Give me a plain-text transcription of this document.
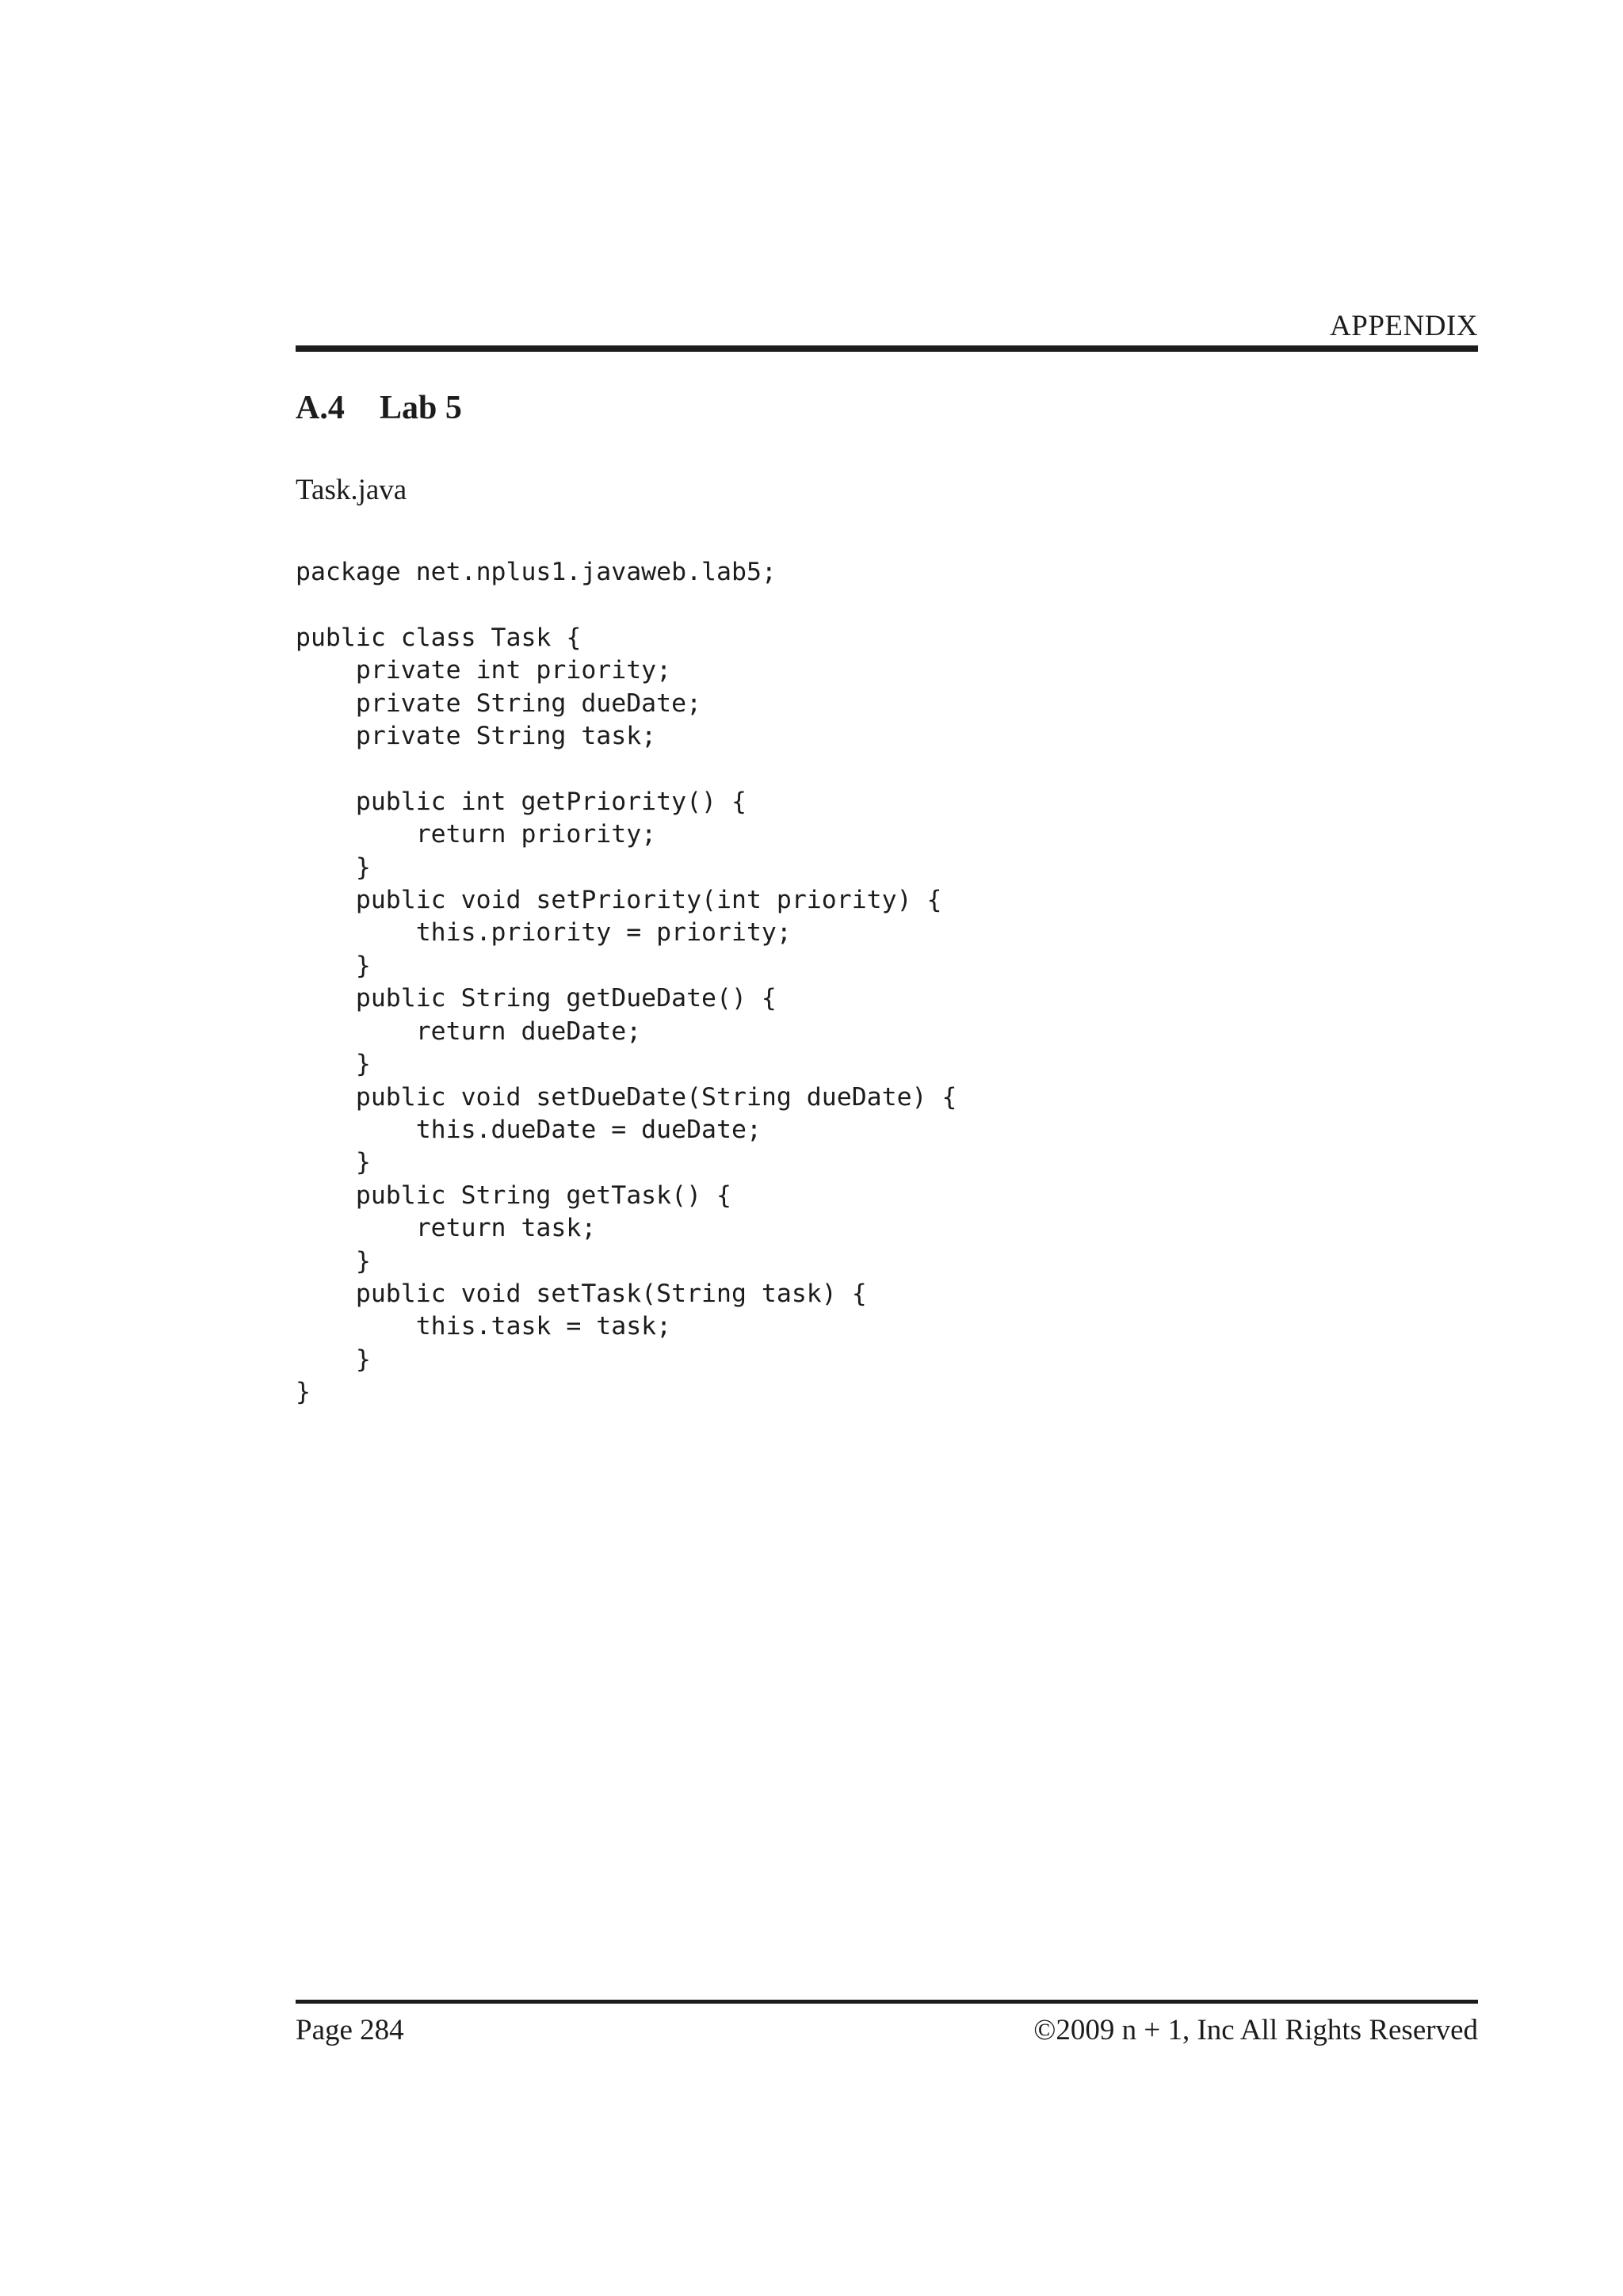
APPENDIX
A.4 Lab 5
Task.java
package net.nplus1.javaweb.lab5;

public class Task {
private int priority;
private String dueDate;
private String task;

public int getPriority() {
return priority;
}
public void setPriority(int priority) {
this.priority = priority;
}
public String getDueDate() {
return dueDate;
}
public void setDueDate(String dueDate) {
this.dueDate = dueDate;
}
public String getTask() {
return task;
}
public void setTask(String task) {
this.task = task;
}
}
Page 284	©2009 n + 1, Inc All Rights Reserved
